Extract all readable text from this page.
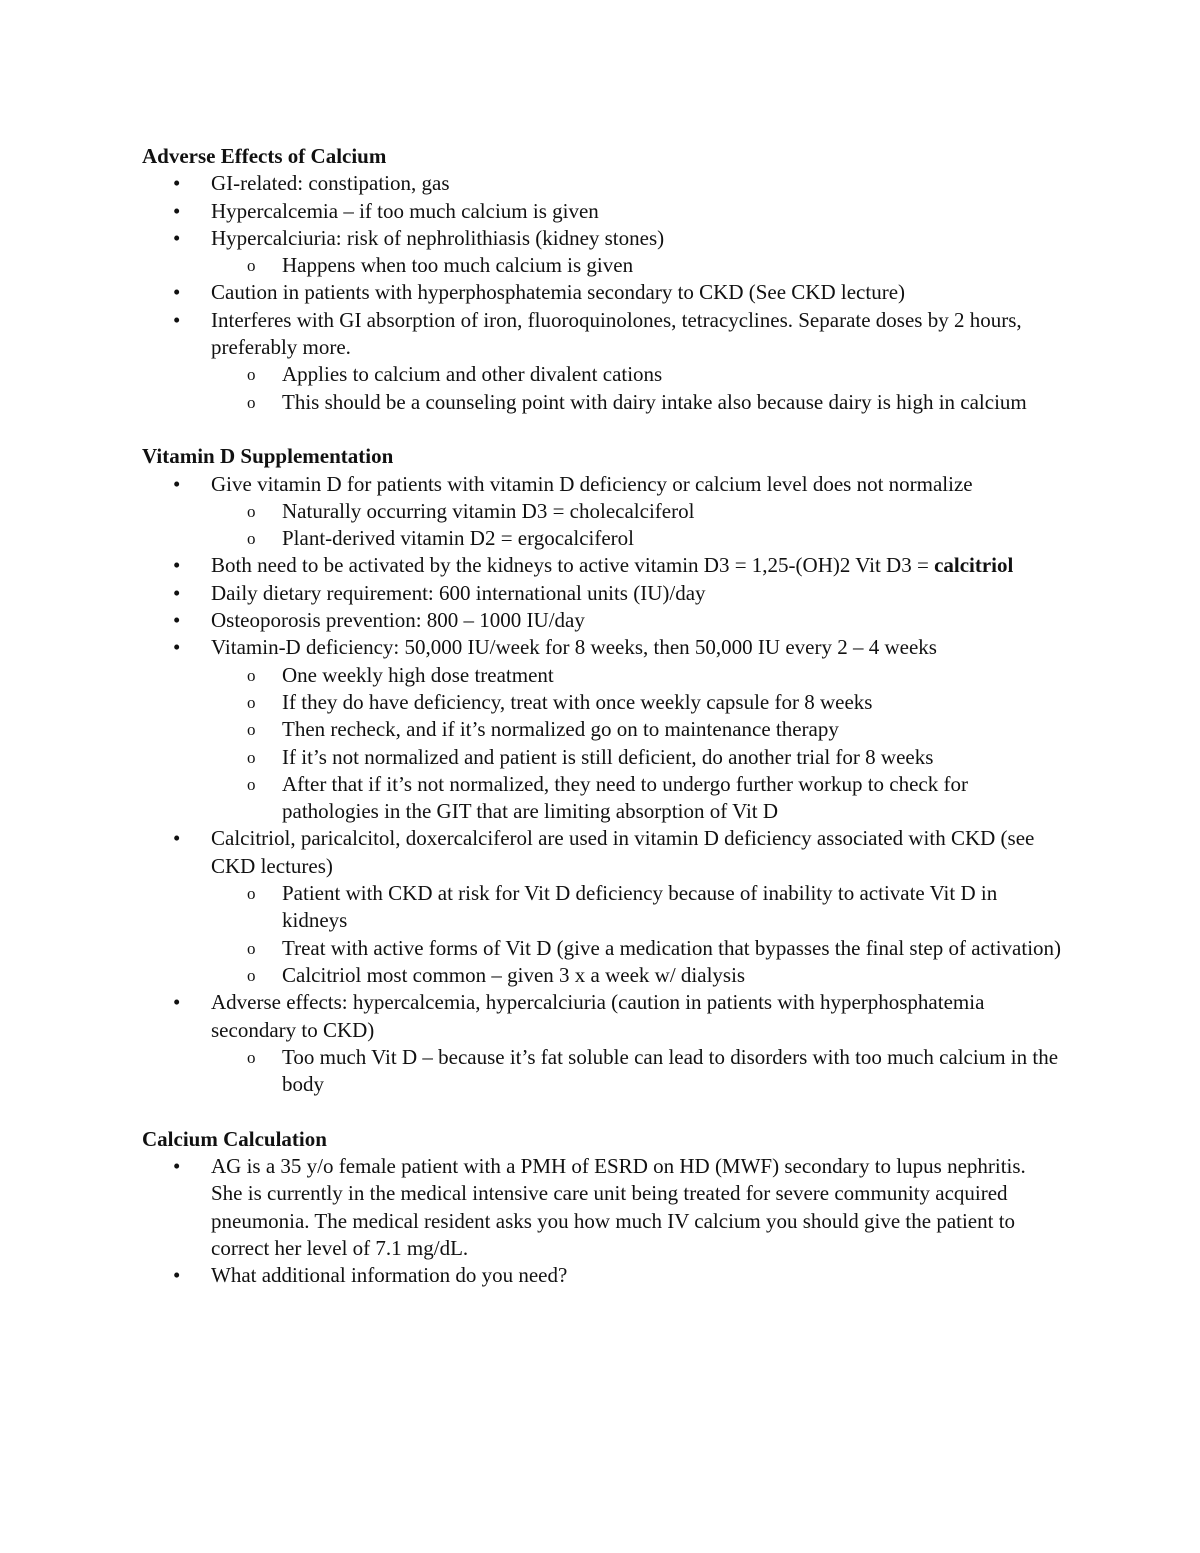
Adverse Effects of Calcium
• GI-related: constipation, gas
• Hypercalcemia – if too much calcium is given
• Hypercalciuria: risk of nephrolithiasis (kidney stones)
o Happens when too much calcium is given
• Caution in patients with hyperphosphatemia secondary to CKD (See CKD lecture)
• Interferes with GI absorption of iron, fluoroquinolones, tetracyclines. Separate doses by 2 hours, preferably more.
o Applies to calcium and other divalent cations
o This should be a counseling point with dairy intake also because dairy is high in calcium
Vitamin D Supplementation
• Give vitamin D for patients with vitamin D deficiency or calcium level does not normalize
o Naturally occurring vitamin D3 = cholecalciferol
o Plant-derived vitamin D2 = ergocalciferol
• Both need to be activated by the kidneys to active vitamin D3 = 1,25-(OH)2 Vit D3 = calcitriol
• Daily dietary requirement: 600 international units (IU)/day
• Osteoporosis prevention: 800 – 1000 IU/day
• Vitamin-D deficiency: 50,000 IU/week for 8 weeks, then 50,000 IU every 2 – 4 weeks
o One weekly high dose treatment
o If they do have deficiency, treat with once weekly capsule for 8 weeks
o Then recheck, and if it’s normalized go on to maintenance therapy
o If it’s not normalized and patient is still deficient, do another trial for 8 weeks
o After that if it’s not normalized, they need to undergo further workup to check for pathologies in the GIT that are limiting absorption of Vit D
• Calcitriol, paricalcitol, doxercalciferol are used in vitamin D deficiency associated with CKD (see CKD lectures)
o Patient with CKD at risk for Vit D deficiency because of inability to activate Vit D in kidneys
o Treat with active forms of Vit D (give a medication that bypasses the final step of activation)
o Calcitriol most common – given 3 x a week w/ dialysis
• Adverse effects: hypercalcemia, hypercalciuria (caution in patients with hyperphosphatemia secondary to CKD)
o Too much Vit D – because it’s fat soluble can lead to disorders with too much calcium in the body
Calcium Calculation
• AG is a 35 y/o female patient with a PMH of ESRD on HD (MWF) secondary to lupus nephritis. She is currently in the medical intensive care unit being treated for severe community acquired pneumonia. The medical resident asks you how much IV calcium you should give the patient to correct her level of 7.1 mg/dL.
• What additional information do you need?
